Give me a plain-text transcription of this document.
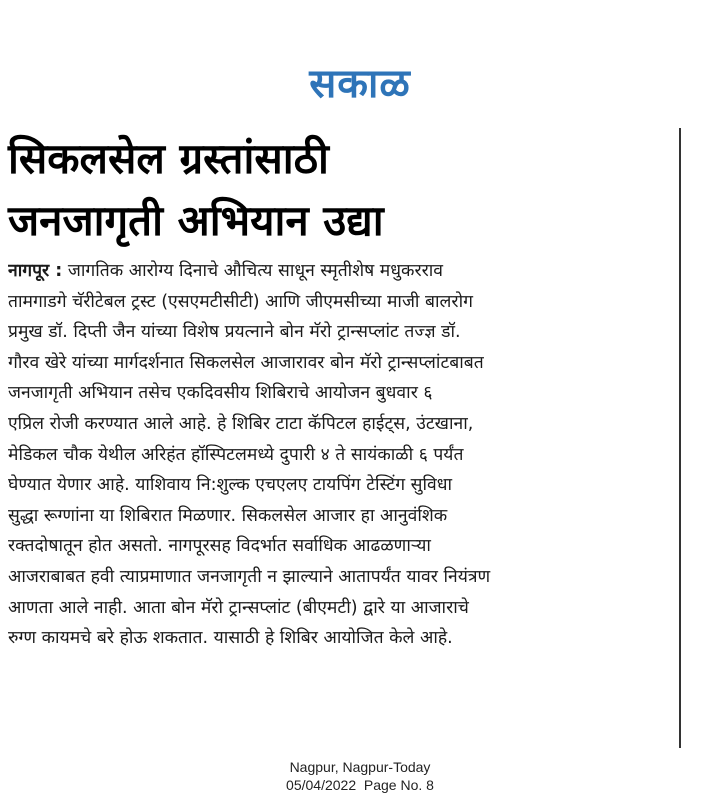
सकाळ
सिकलसेल ग्रस्तांसाठी
जनजागृती अभियान उद्या
नागपूर : जागतिक आरोग्य दिनाचे औचित्य साधून स्मृतीशेष मधुकरराव
तामगाडगे चॅरीटेबल ट्रस्ट (एसएमटीसीटी) आणि जीएमसीच्या माजी बालरोग
प्रमुख डॉ. दिप्ती जैन यांच्या विशेष प्रयत्नाने बोन मॅरो ट्रान्सप्लांट तज्ज्ञ डॉ.
गौरव खेरे यांच्या मार्गदर्शनात सिकलसेल आजारावर बोन मॅरो ट्रान्सप्लांटबाबत
जनजागृती अभियान तसेच एकदिवसीय शिबिराचे आयोजन बुधवार ६
एप्रिल रोजी करण्यात आले आहे. हे शिबिर टाटा कॅपिटल हाईट्स, उंटखाना,
मेडिकल चौक येथील अरिहंत हॉस्पिटलमध्ये दुपारी ४ ते सायंकाळी ६ पर्यंत
घेण्यात येणार आहे. याशिवाय नि:शुल्क एचएलए टायपिंग टेस्टिंग सुविधा
सुद्धा रूग्णांना या शिबिरात मिळणार. सिकलसेल आजार हा आनुवंशिक
रक्तदोषातून होत असतो. नागपूरसह विदर्भात सर्वाधिक आढळणाऱ्या
आजराबाबत हवी त्याप्रमाणात जनजागृती न झाल्याने आतापर्यंत यावर नियंत्रण
आणता आले नाही. आता बोन मॅरो ट्रान्सप्लांट (बीएमटी) द्वारे या आजाराचे
रुग्ण कायमचे बरे होऊ शकतात. यासाठी हे शिबिर आयोजित केले आहे.
Nagpur, Nagpur-Today
05/04/2022  Page No. 8
